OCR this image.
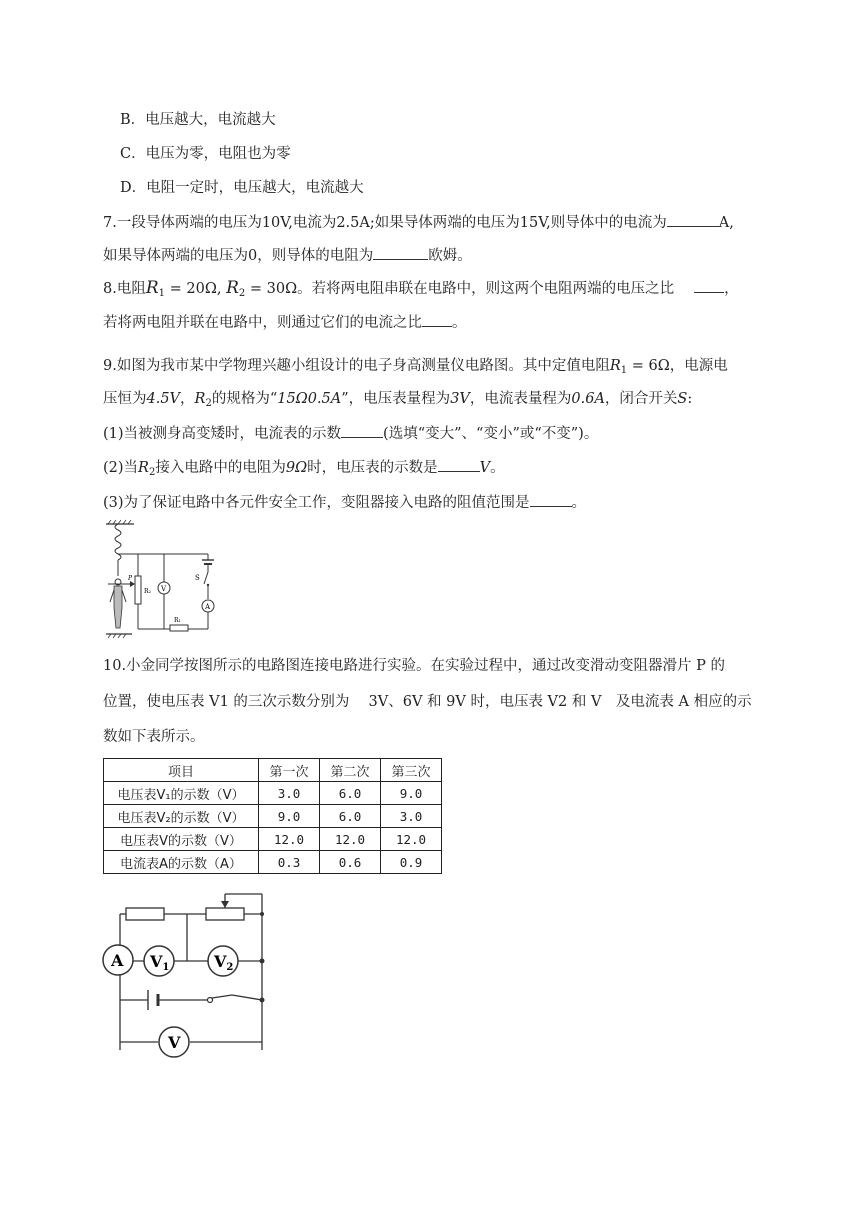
B．电压越大，电流越大
C．电压为零，电阻也为零
D．电阻一定时，电压越大，电流越大
7.一段导体两端的电压为10V,电流为2.5A;如果导体两端的电压为15V,则导体中的电流为	A,
如果导体两端的电压为0，则导体的电阻为	欧姆。
8.电阻$R_1 = 20\Omega$, $R_2 = 30\Omega$。若将两电阻串联在电路中，则这两个电阻两端的电压之比	，
若将两电阻并联在电路中，则通过它们的电流之比 。
9.如图为我市某中学物理兴趣小组设计的电子身高测量仪电路图。其中定值电阻$R_1 = 6\Omega$，电源电
压恒为4.5V，$R_2$的规格为“15Ω0.5A”，电压表量程为3V，电流表量程为0.6A，闭合开关S:
(1)当被测身高变矮时，电流表的示数	(选填“变大”、“变小”或“不变”)。
(2)当$R_2$接入电路中的电阻为9Ω时，电压表的示数是	V。
(3)为了保证电路中各元件安全工作，变阻器接入电路的阻值范围是	。
S
A
R₁
R₂ V
P
10.小金同学按图所示的电路图连接电路进行实验。在实验过程中，通过改变滑动变阻器滑片 P 的
位置，使电压表 V1 的三次示数分别为　 3V、6V 和 9V 时，电压表 V2 和 V　及电流表 A 相应的示
数如下表所示。
项目	第一次	第二次	第三次
电压表V₁的示数（V）	3.0	6.0	9.0
电压表V₂的示数（V）	9.0	6.0	3.0
电压表V的示数（V）	12.0	12.0	12.0
电流表A的示数（A）	0.3	0.6	0.9
V1	V2
A
V
